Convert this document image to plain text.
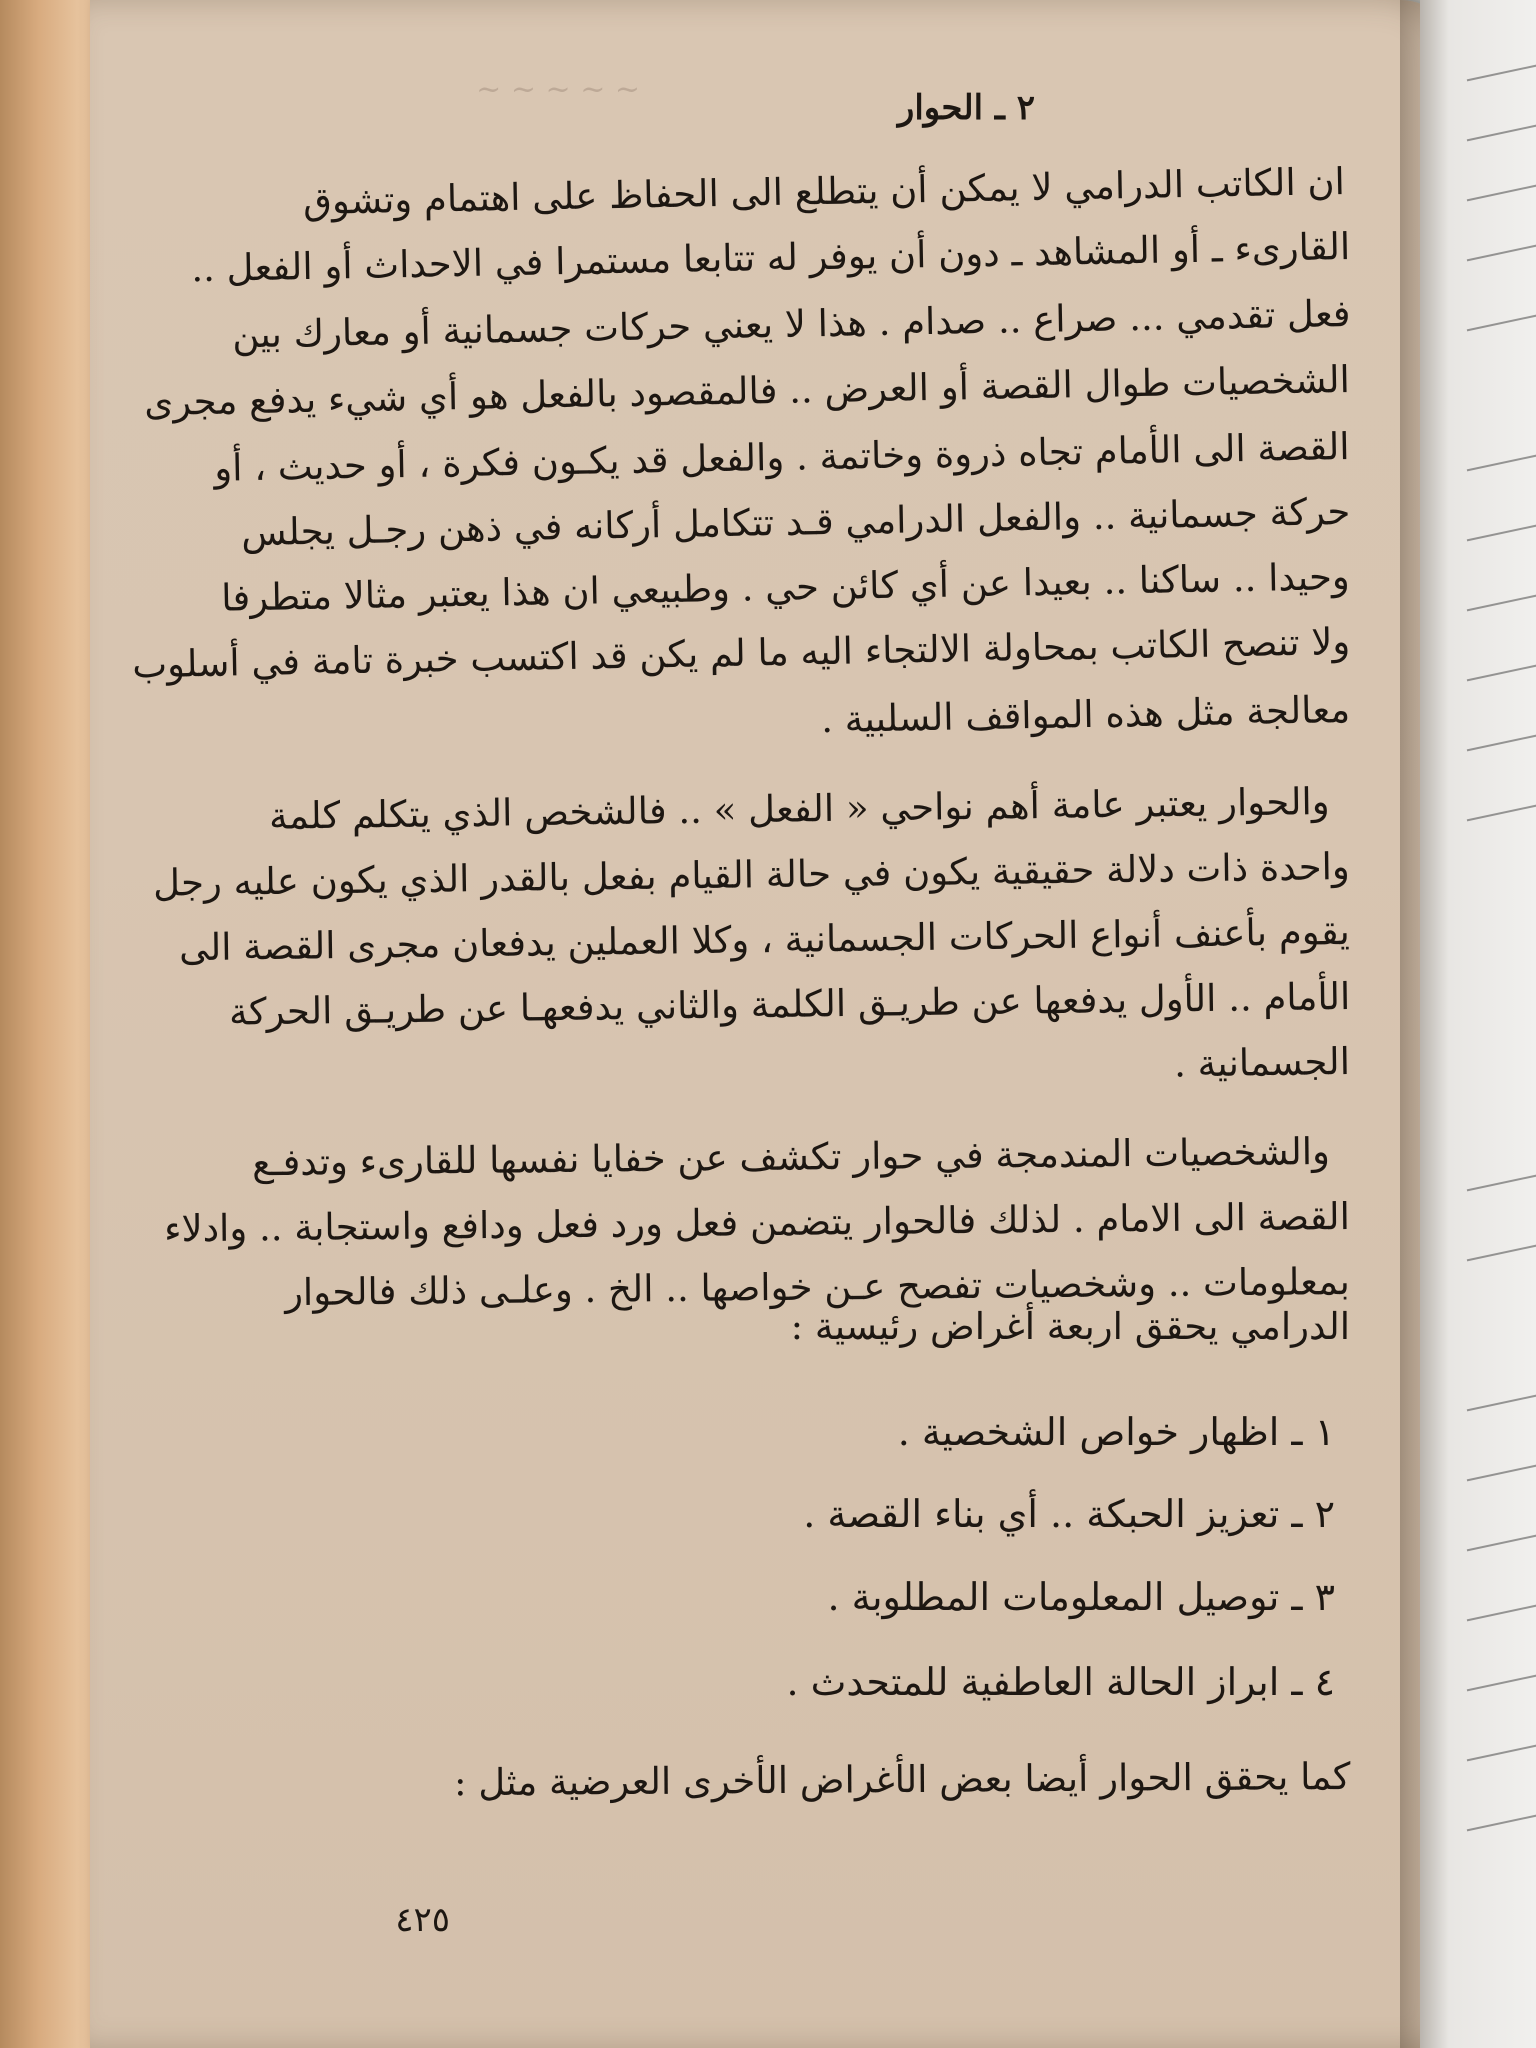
~ ~ ~ ~ ~	٢ ـ الحوار
ان الكاتب الدرامي لا يمكن أن يتطلع الى الحفاظ على اهتمام وتشوق
القارىء ـ أو المشاهد ـ دون أن يوفر له تتابعا مستمرا في الاحداث أو الفعل ..
فعل تقدمي ... صراع .. صدام . هذا لا يعني حركات جسمانية أو معارك بين
الشخصيات طوال القصة أو العرض .. فالمقصود بالفعل هو أي شيء يدفع مجرى
القصة الى الأمام تجاه ذروة وخاتمة . والفعل قد يكـون فكرة ، أو حديث ، أو
حركة جسمانية .. والفعل الدرامي قـد تتكامل أركانه في ذهن رجـل يجلس
وحيدا .. ساكنا .. بعيدا عن أي كائن حي . وطبيعي ان هذا يعتبر مثالا متطرفا
ولا تنصح الكاتب بمحاولة الالتجاء اليه ما لم يكن قد اكتسب خبرة تامة في أسلوب
معالجة مثل هذه المواقف السلبية .
والحوار يعتبر عامة أهم نواحي « الفعل » .. فالشخص الذي يتكلم كلمة
واحدة ذات دلالة حقيقية يكون في حالة القيام بفعل بالقدر الذي يكون عليه رجل
يقوم بأعنف أنواع الحركات الجسمانية ، وكلا العملين يدفعان مجرى القصة الى
الأمام .. الأول يدفعها عن طريـق الكلمة والثاني يدفعهـا عن طريـق الحركة
الجسمانية .
والشخصيات المندمجة في حوار تكشف عن خفايا نفسها للقارىء وتدفـع
القصة الى الامام . لذلك فالحوار يتضمن فعل ورد فعل ودافع واستجابة .. وادلاء
بمعلومات .. وشخصيات تفصح عـن خواصها .. الخ . وعلـى ذلك فالحوار
الدرامي يحقق اربعة أغراض رئيسية :
١ ـ اظهار خواص الشخصية .
٢ ـ تعزيز الحبكة .. أي بناء القصة .
٣ ـ توصيل المعلومات المطلوبة .
٤ ـ ابراز الحالة العاطفية للمتحدث .
كما يحقق الحوار أيضا بعض الأغراض الأخرى العرضية مثل :
٤٢٥
